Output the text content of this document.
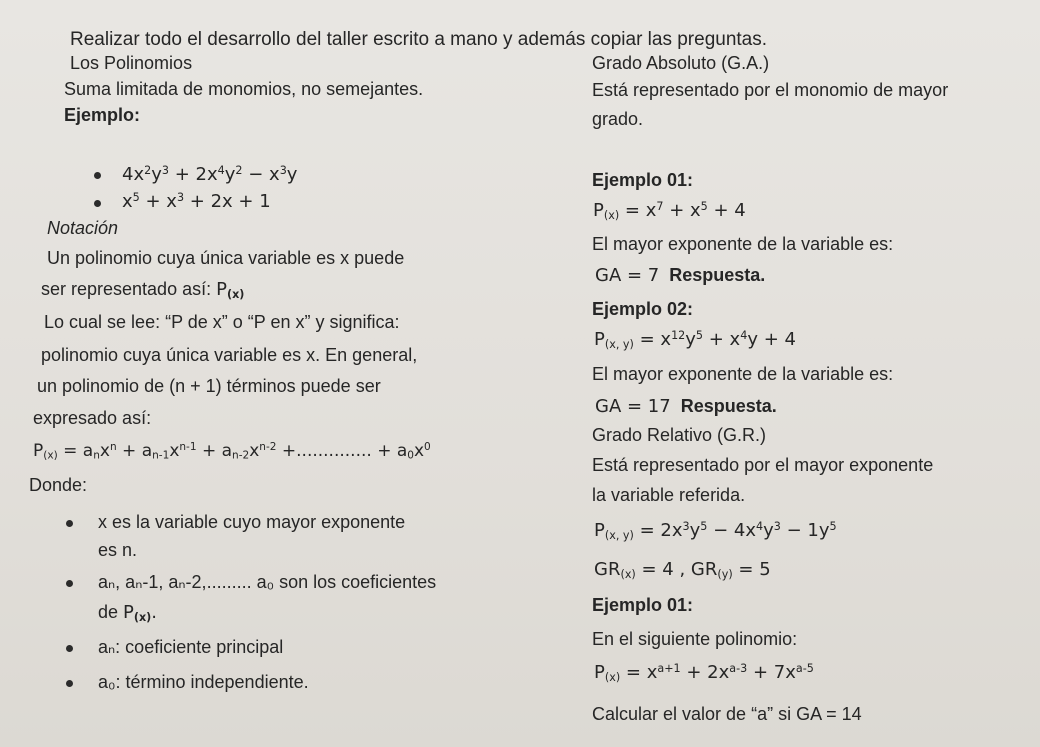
Realizar todo el desarrollo del taller escrito a mano y además copiar las preguntas.
Los Polinomios
Suma limitada de monomios, no semejantes.
Ejemplo:
$4x^2y^3 + 2x^4y^2 - x^3y$
$x^5 + x^3 + 2x + 1$
Notación
Un polinomio cuya única variable es x puede
ser representado así: $P_{(x)}$
Lo cual se lee: “P de x” o “P en x” y significa:
polinomio cuya única variable es x. En general,
un polinomio de (n + 1) términos puede ser
expresado así:
$P_{(x)} = a_nx^n + a_{n-1}x^{n-1} + a_{n-2}x^{n-2}$ +.............. + $a_0x^0$
Donde:
x es la variable cuyo mayor exponente
es n.
aₙ, aₙ-1, aₙ-2,......... a₀ son los coeficientes
de $P_{(x)}$.
aₙ: coeficiente principal
a₀: término independiente.
Grado Absoluto (G.A.)
Está representado por el monomio de mayor
grado.
Ejemplo 01:
$P_{(x)} = x^7 + x^5 + 4$
El mayor exponente de la variable es:
GA = 7 Respuesta.
Ejemplo 02:
$P_{(x, y)} = x^{12}y^5 + x^4y + 4$
El mayor exponente de la variable es:
GA = 17 Respuesta.
Grado Relativo (G.R.)
Está representado por el mayor exponente
la variable referida.
$P_{(x, y)} = 2x^3y^5 - 4x^4y^3 - 1y^5$
$GR_{(x)} = 4$ , $GR_{(y)} = 5$
Ejemplo 01:
En el siguiente polinomio:
$P_{(x)} = x^{a+1} + 2x^{a-3} + 7x^{a-5}$
Calcular el valor de “a” si GA = 14
